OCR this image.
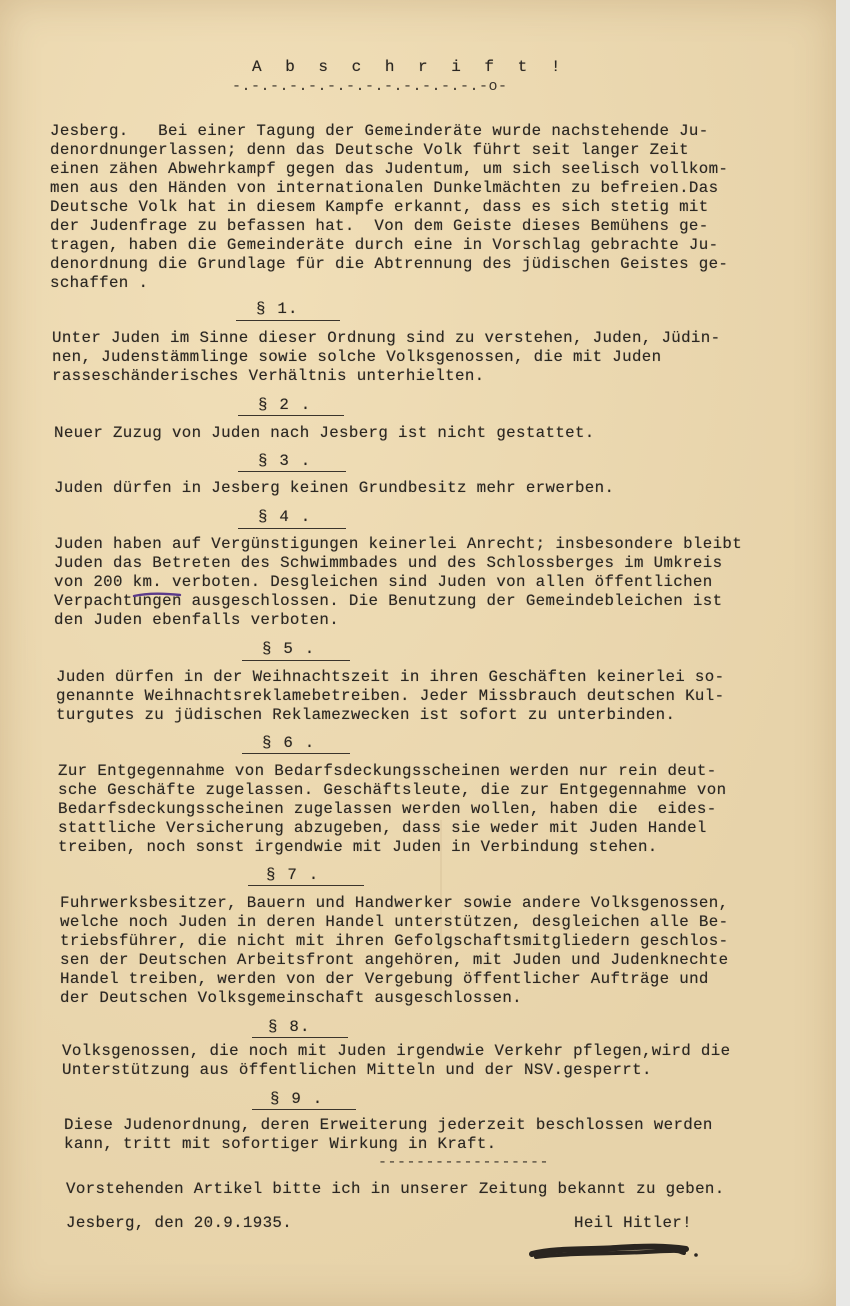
A b s c h r i f t !
-.-.-.-.-.-.-.-.-.-.-.-.-.-o-
Jesberg.   Bei einer Tagung der Gemeinderäte wurde nachstehende Ju-
denordnungerlassen; denn das Deutsche Volk führt seit langer Zeit
einen zähen Abwehrkampf gegen das Judentum, um sich seelisch vollkom-
men aus den Händen von internationalen Dunkelmächten zu befreien.Das
Deutsche Volk hat in diesem Kampfe erkannt, dass es sich stetig mit
der Judenfrage zu befassen hat.  Von dem Geiste dieses Bemühens ge-
tragen, haben die Gemeinderäte durch eine in Vorschlag gebrachte Ju-
denordnung die Grundlage für die Abtrennung des jüdischen Geistes ge-
schaffen .
§ 1.
Unter Juden im Sinne dieser Ordnung sind zu verstehen, Juden, Jüdin-
nen, Judenstämmlinge sowie solche Volksgenossen, die mit Juden
rasseschänderisches Verhältnis unterhielten.
§ 2 .
Neuer Zuzug von Juden nach Jesberg ist nicht gestattet.
§ 3 .
Juden dürfen in Jesberg keinen Grundbesitz mehr erwerben.
§ 4 .
Juden haben auf Vergünstigungen keinerlei Anrecht; insbesondere bleibt
Juden das Betreten des Schwimmbades und des Schlossberges im Umkreis
von 200 km. verboten. Desgleichen sind Juden von allen öffentlichen
Verpachtungen ausgeschlossen. Die Benutzung der Gemeindebleichen ist
den Juden ebenfalls verboten.
§ 5 .
Juden dürfen in der Weihnachtszeit in ihren Geschäften keinerlei so-
genannte Weihnachtsreklamebetreiben. Jeder Missbrauch deutschen Kul-
turgutes zu jüdischen Reklamezwecken ist sofort zu unterbinden.
§ 6 .
Zur Entgegennahme von Bedarfsdeckungsscheinen werden nur rein deut-
sche Geschäfte zugelassen. Geschäftsleute, die zur Entgegennahme von
Bedarfsdeckungsscheinen zugelassen werden wollen, haben die  eides-
stattliche Versicherung abzugeben, dass sie weder mit Juden Handel
treiben, noch sonst irgendwie mit Juden in Verbindung stehen.
§ 7 .
Fuhrwerksbesitzer, Bauern und Handwerker sowie andere Volksgenossen,
welche noch Juden in deren Handel unterstützen, desgleichen alle Be-
triebsführer, die nicht mit ihren Gefolgschaftsmitgliedern geschlos-
sen der Deutschen Arbeitsfront angehören, mit Juden und Judenknechte
Handel treiben, werden von der Vergebung öffentlicher Aufträge und
der Deutschen Volksgemeinschaft ausgeschlossen.
§ 8.
Volksgenossen, die noch mit Juden irgendwie Verkehr pflegen,wird die
Unterstützung aus öffentlichen Mitteln und der NSV.gesperrt.
§ 9 .
Diese Judenordnung, deren Erweiterung jederzeit beschlossen werden
kann, tritt mit sofortiger Wirkung in Kraft.
------------------
Vorstehenden Artikel bitte ich in unserer Zeitung bekannt zu geben.
Jesberg, den 20.9.1935.	Heil Hitler!
